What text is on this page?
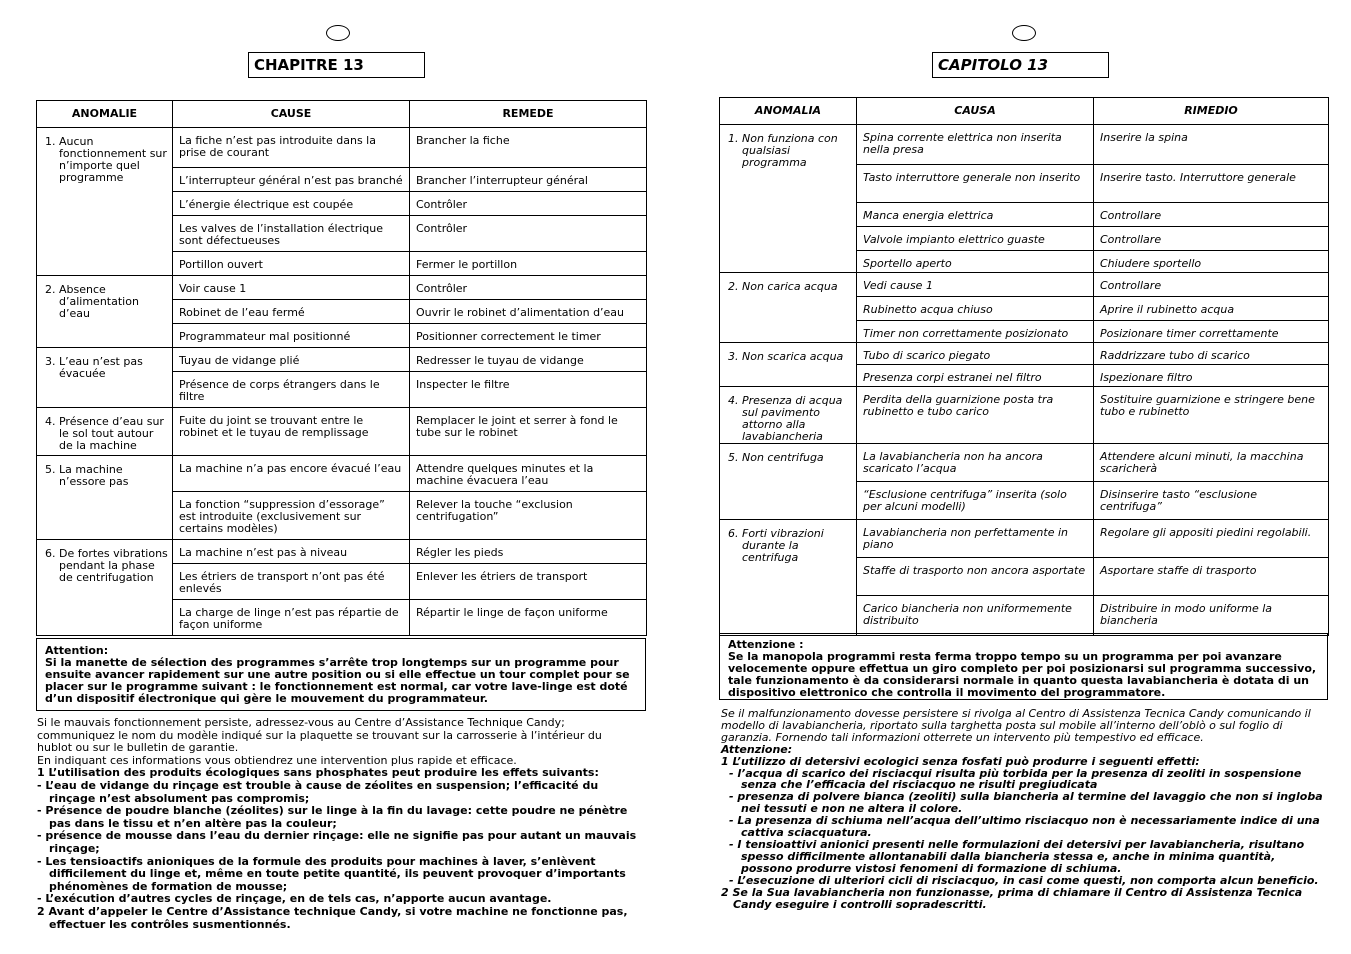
CHAPITRE 13
ANOMALIE	CAUSE	REMEDE

1. Aucun fonctionnement sur n’importe quel programme	La fiche n’est pas introduite dans la prise de courant	Brancher la fiche
	L’interrupteur général n’est pas branché	Brancher l’interrupteur général
	L’énergie électrique est coupée	Contrôler
	Les valves de l’installation électrique sont défectueuses	Contrôler
	Portillon ouvert	Fermer le portillon

2. Absence d’alimentation d’eau	Voir cause 1	Contrôler
	Robinet de l’eau fermé	Ouvrir le robinet d’alimentation d’eau
	Programmateur mal positionné	Positionner correctement le timer

3. L’eau n’est pas évacuée	Tuyau de vidange plié	Redresser le tuyau de vidange
	Présence de corps étrangers dans le filtre	Inspecter le filtre

4. Présence d’eau sur le sol tout autour de la machine	Fuite du joint se trouvant entre le robinet et le tuyau de remplissage	Remplacer le joint et serrer à fond le tube sur le robinet

5. La machine n’essore pas	La machine n’a pas encore évacué l’eau	Attendre quelques minutes et la machine évacuera l’eau
	La fonction “suppression d’essorage” est introduite (exclusivement sur certains modèles)	Relever la touche “exclusion centrifugation”

6. De fortes vibrations pendant la phase de centrifugation	La machine n’est pas à niveau	Régler les pieds
	Les étriers de transport n’ont pas été enlevés	Enlever les étriers de transport
	La charge de linge n’est pas répartie de façon uniforme	Répartir le linge de façon uniforme
Attention:
Si la manette de sélection des programmes s’arrête trop longtemps sur un programme pour ensuite avancer rapidement sur une autre position ou si elle effectue un tour complet pour se placer sur le programme suivant : le fonctionnement est normal, car votre lave-linge est doté d’un dispositif électronique qui gère le mouvement du programmateur.
Si le mauvais fonctionnement persiste, adressez-vous au Centre d’Assistance Technique Candy; communiquez le nom du modèle indiqué sur la plaquette se trouvant sur la carrosserie à l’intérieur du hublot ou sur le bulletin de garantie.
En indiquant ces informations vous obtiendrez une intervention plus rapide et efficace.
1 L’utilisation des produits écologiques sans phosphates peut produire les effets suivants:
- L’eau de vidange du rinçage est trouble à cause de zéolites en suspension; l’efficacité du rinçage n’est absolument pas compromis;
- Présence de poudre blanche (zéolites) sur le linge à la fin du lavage: cette poudre ne pénètre pas dans le tissu et n’en altère pas la couleur;
- présence de mousse dans l’eau du dernier rinçage: elle ne signifie pas pour autant un mauvais rinçage;
- Les tensioactifs anioniques de la formule des produits pour machines à laver, s’enlèvent difficilement du linge et, même en toute petite quantité, ils peuvent provoquer d’importants phénomènes de formation de mousse;
- L’exécution d’autres cycles de rinçage, en de tels cas, n’apporte aucun avantage.
2 Avant d’appeler le Centre d’Assistance technique Candy, si votre machine ne fonctionne pas, effectuer les contrôles susmentionnés.
CAPITOLO 13
ANOMALIA	CAUSA	RIMEDIO

1. Non funziona con qualsiasi programma	Spina corrente elettrica non inserita nella presa	Inserire la spina
	Tasto interruttore generale non inserito	Inserire tasto. Interruttore generale
	Manca energia elettrica	Controllare
	Valvole impianto elettrico guaste	Controllare
	Sportello aperto	Chiudere sportello

2. Non carica acqua	Vedi cause 1	Controllare
	Rubinetto acqua chiuso	Aprire il rubinetto acqua
	Timer non correttamente posizionato	Posizionare timer correttamente

3. Non scarica acqua	Tubo di scarico piegato	Raddrizzare tubo di scarico
	Presenza corpi estranei nel filtro	Ispezionare filtro

4. Presenza di acqua sul pavimento attorno alla lavabiancheria	Perdita della guarnizione posta tra rubinetto e tubo carico	Sostituire guarnizione e stringere bene tubo e rubinetto

5. Non centrifuga	La lavabiancheria non ha ancora scaricato l’acqua	Attendere alcuni minuti, la macchina scaricherà
	“Esclusione centrifuga” inserita (solo per alcuni modelli)	Disinserire tasto “esclusione centrifuga”

6. Forti vibrazioni durante la centrifuga	Lavabiancheria non perfettamente in piano	Regolare gli appositi piedini regolabili.
	Staffe di trasporto non ancora asportate	Asportare staffe di trasporto
	Carico biancheria non uniformemente distribuito	Distribuire in modo uniforme la biancheria
Attenzione :
Se la manopola programmi resta ferma troppo tempo su un programma per poi avanzare velocemente oppure effettua un giro completo per poi posizionarsi sul programma successivo, tale funzionamento è da considerarsi normale in quanto questa lavabiancheria è dotata di un dispositivo elettronico che controlla il movimento del programmatore.
Se il malfunzionamento dovesse persistere si rivolga al Centro di Assistenza Tecnica Candy comunicando il modello di lavabiancheria, riportato sulla targhetta posta sul mobile all’interno dell’oblò o sul foglio di garanzia. Fornendo tali informazioni otterrete un intervento più tempestivo ed efficace.
Attenzione:
1 L’utilizzo di detersivi ecologici senza fosfati può produrre i seguenti effetti:
- l’acqua di scarico dei risciacqui risulta più torbida per la presenza di zeoliti in sospensione senza che l’efficacia del risciacquo ne risulti pregiudicata
- presenza di polvere bianca (zeoliti) sulla biancheria al termine del lavaggio che non si ingloba nei tessuti e non ne altera il colore.
- La presenza di schiuma nell’acqua dell’ultimo risciacquo non è necessariamente indice di una cattiva sciacquatura.
- I tensioattivi anionici presenti nelle formulazioni dei detersivi per lavabiancheria, risultano spesso difficilmente allontanabili dalla biancheria stessa e, anche in minima quantità, possono produrre vistosi fenomeni di formazione di schiuma.
- L’esecuzione di ulteriori cicli di risciacquo, in casi come questi, non comporta alcun beneficio.
2 Se la Sua lavabiancheria non funzionasse, prima di chiamare il Centro di Assistenza Tecnica Candy eseguire i controlli sopradescritti.
